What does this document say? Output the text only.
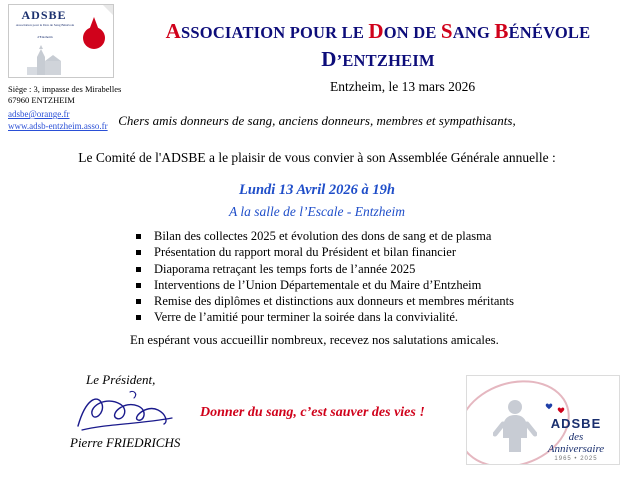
ADSBE
Association pour le Don de Sang Bénévole
d'Entzheim
Siège : 3, impasse des Mirabelles
67960 ENTZHEIM
adsbe@orange.fr
www.adsb-entzheim.asso.fr
ASSOCIATION POUR LE DON DE SANG BÉNÉVOLE
D’ENTZHEIM
Entzheim, le 13 mars 2026
Chers amis donneurs de sang, anciens donneurs, membres et sympathisants,
Le Comité de l'ADSBE a le plaisir de vous convier à son Assemblée Générale annuelle :
Lundi 13 Avril 2026 à 19h
A la salle de l’Escale - Entzheim
Bilan des collectes 2025 et évolution des dons de sang et de plasma
Présentation du rapport moral du Président et bilan financier
Diaporama retraçant les temps forts de l’année 2025
Interventions de l’Union Départementale et du Maire d’Entzheim
Remise des diplômes et distinctions aux donneurs et membres méritants
Verre de l’amitié pour terminer la soirée dans la convivialité.
En espérant vous accueillir nombreux, recevez nos salutations amicales.
Le Président,
Pierre FRIEDRICHS
Donner du sang, c’est sauver des vies !
ADSBE
des Anniversaire
1965 • 2025
